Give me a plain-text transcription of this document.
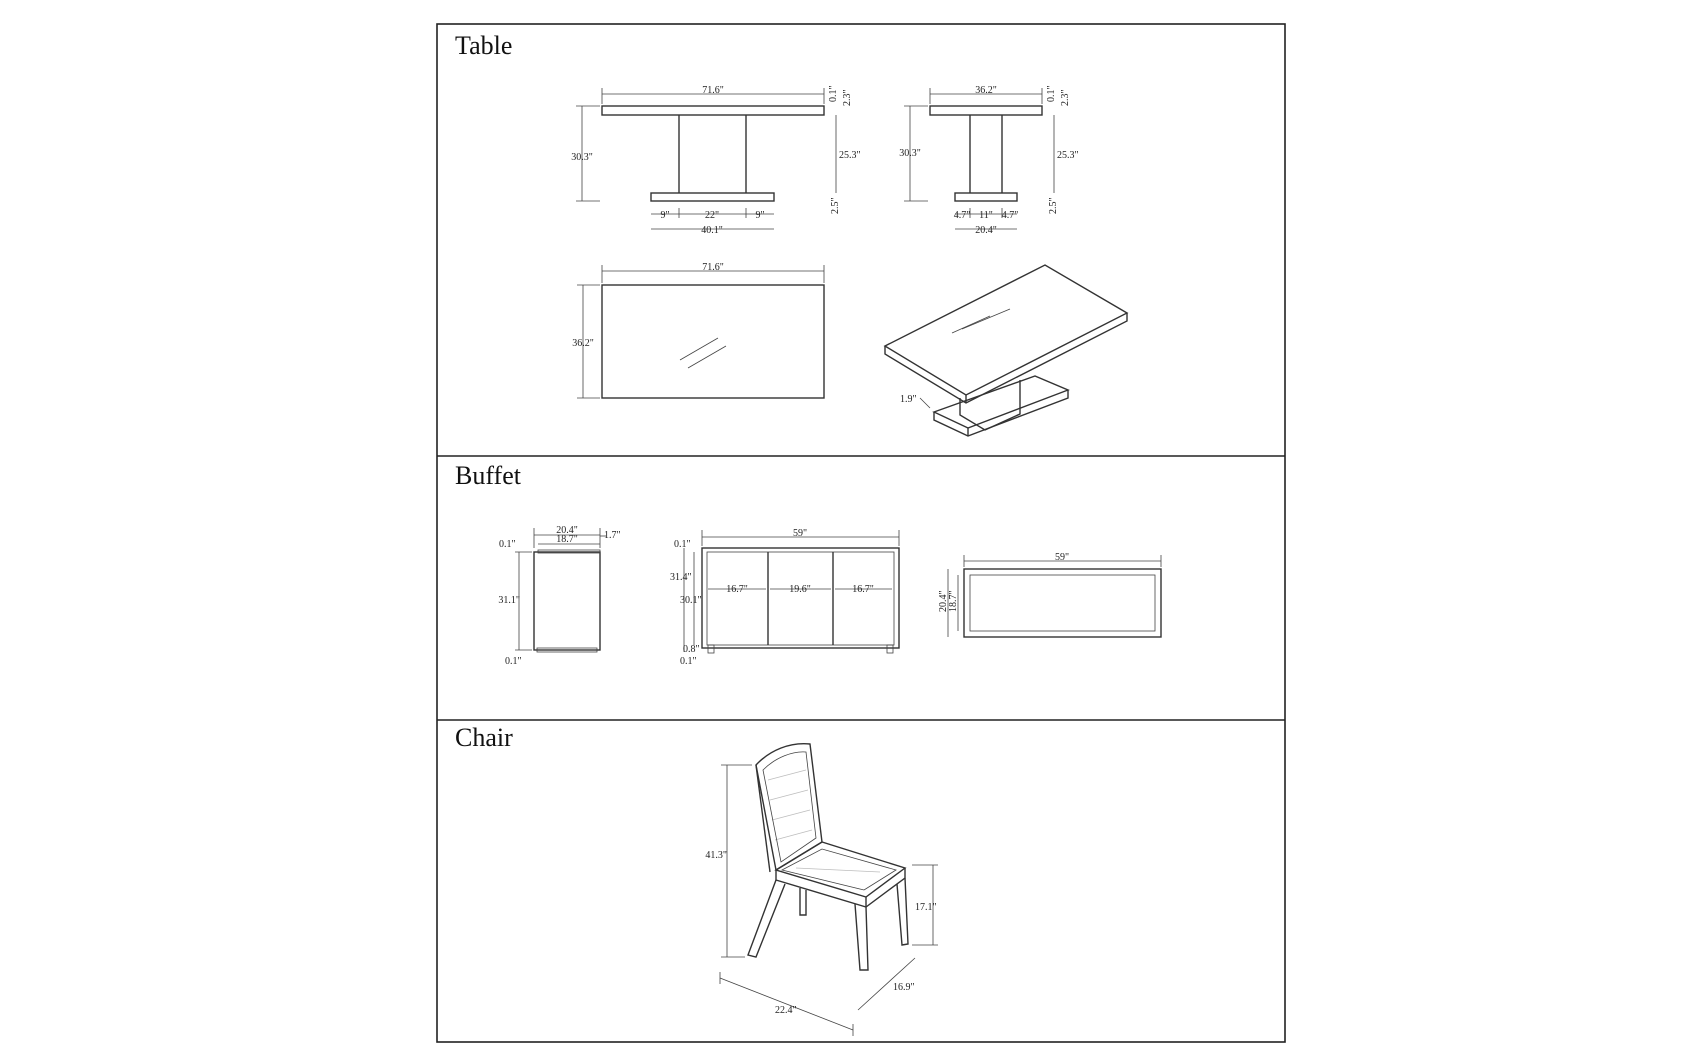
Table
71.6"
30.3"	25.3"
0.1" 2.3"
2.5"
9"	22"	9"
40.1"
36.2"
30.3"	25.3"
0.1" 2.3"
2.5"
4.7" 11" 4.7"
20.4"
71.6"
36.2"
1.9"
Buffet
20.4"
18.7"	1.7"
0.1"
31.1"
0.1"
59"
0.1"
31.4"
30.1"
16.7"	19.6"	16.7"
0.8"
0.1"
59"
20.4" 18.7"
Chair
41.3"
17.1"
22.4"
16.9"
